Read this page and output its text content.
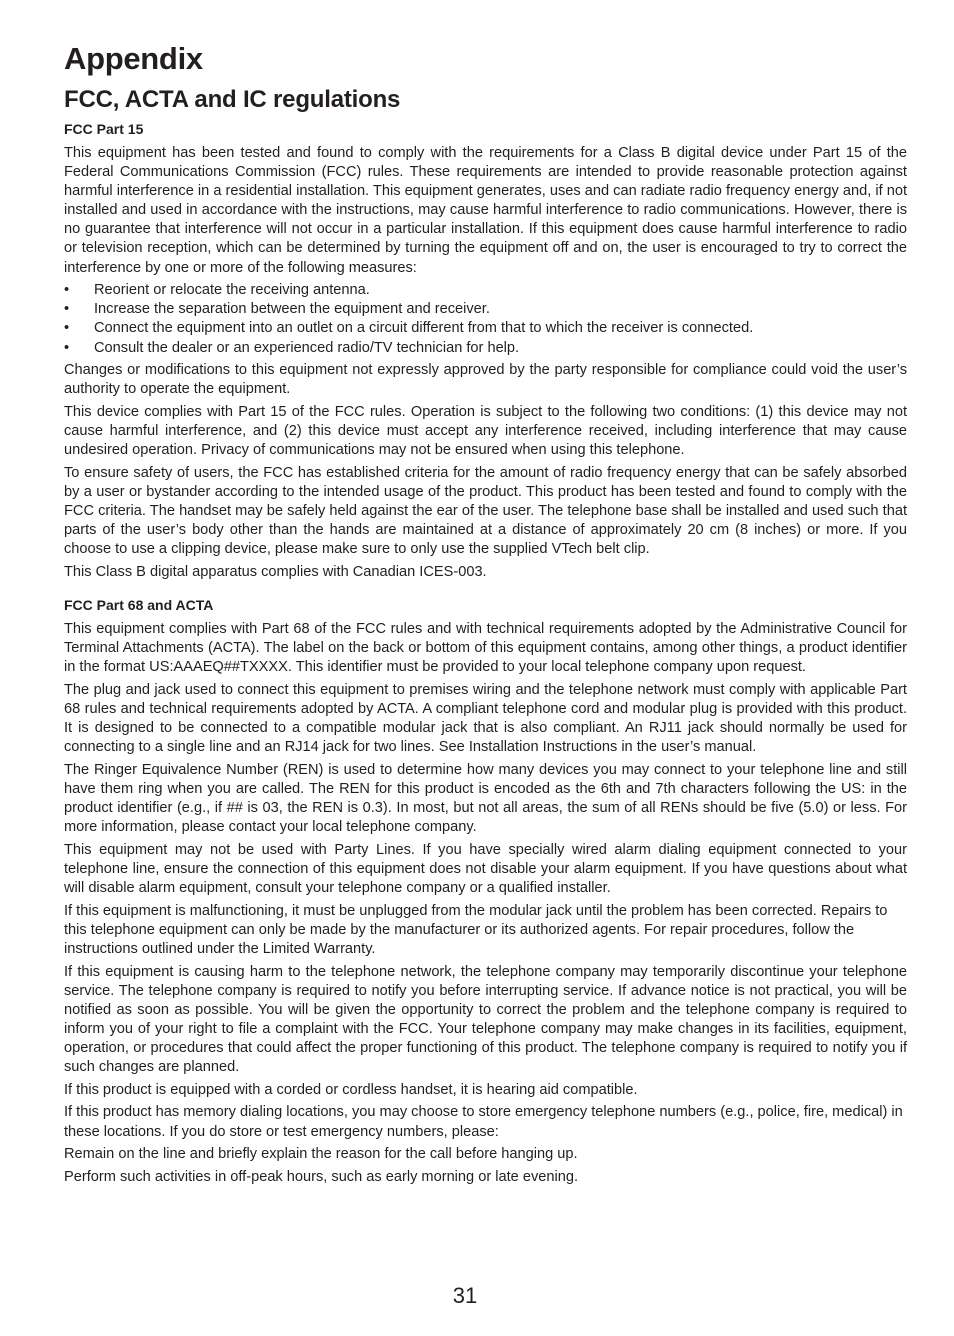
Appendix
FCC, ACTA and IC regulations
FCC Part 15

This equipment has been tested and found to comply with the requirements for a Class B digital device under Part 15 of the Federal Communications Commission (FCC) rules. These requirements are intended to provide reasonable protection against harmful interference in a residential installation. This equipment generates, uses and can radiate radio frequency energy and, if not installed and used in accordance with the instructions, may cause harmful interference to radio communications. However, there is no guarantee that interference will not occur in a particular installation. If this equipment does cause harmful interference to radio or television reception, which can be determined by turning the equipment off and on, the user is encouraged to try to correct the interference by one or more of the following measures:

• Reorient or relocate the receiving antenna.
• Increase the separation between the equipment and receiver.
• Connect the equipment into an outlet on a circuit different from that to which the receiver is connected.
• Consult the dealer or an experienced radio/TV technician for help.

Changes or modifications to this equipment not expressly approved by the party responsible for compliance could void the user’s authority to operate the equipment.

This device complies with Part 15 of the FCC rules. Operation is subject to the following two conditions: (1) this device may not cause harmful interference, and (2) this device must accept any interference received, including interference that may cause undesired operation. Privacy of communications may not be ensured when using this telephone.

To ensure safety of users, the FCC has established criteria for the amount of radio frequency energy that can be safely absorbed by a user or bystander according to the intended usage of the product. This product has been tested and found to comply with the FCC criteria. The handset may be safely held against the ear of the user. The telephone base shall be installed and used such that parts of the user’s body other than the hands are maintained at a distance of approximately 20 cm (8 inches) or more. If you choose to use a clipping device, please make sure to only use the supplied VTech belt clip.

This Class B digital apparatus complies with Canadian ICES-003.

FCC Part 68 and ACTA

This equipment complies with Part 68 of the FCC rules and with technical requirements adopted by the Administrative Council for Terminal Attachments (ACTA). The label on the back or bottom of this equipment contains, among other things, a product identifier in the format US:AAAEQ##TXXXX. This identifier must be provided to your local telephone company upon request.

The plug and jack used to connect this equipment to premises wiring and the telephone network must comply with applicable Part 68 rules and technical requirements adopted by ACTA. A compliant telephone cord and modular plug is provided with this product. It is designed to be connected to a compatible modular jack that is also compliant. An RJ11 jack should normally be used for connecting to a single line and an RJ14 jack for two lines. See Installation Instructions in the user’s manual.

The Ringer Equivalence Number (REN) is used to determine how many devices you may connect to your telephone line and still have them ring when you are called. The REN for this product is encoded as the 6th and 7th characters following the US: in the product identifier (e.g., if ## is 03, the REN is 0.3). In most, but not all areas, the sum of all RENs should be five (5.0) or less. For more information, please contact your local telephone company.

This equipment may not be used with Party Lines. If you have specially wired alarm dialing equipment connected to your telephone line, ensure the connection of this equipment does not disable your alarm equipment. If you have questions about what will disable alarm equipment, consult your telephone company or a qualified installer.

If this equipment is malfunctioning, it must be unplugged from the modular jack until the problem has been corrected. Repairs to this telephone equipment can only be made by the manufacturer or its authorized agents. For repair procedures, follow the instructions outlined under the Limited Warranty.

If this equipment is causing harm to the telephone network, the telephone company may temporarily discontinue your telephone service. The telephone company is required to notify you before interrupting service. If advance notice is not practical, you will be notified as soon as possible. You will be given the opportunity to correct the problem and the telephone company is required to inform you of your right to file a complaint with the FCC. Your telephone company may make changes in its facilities, equipment, operation, or procedures that could affect the proper functioning of this product. The telephone company is required to notify you if such changes are planned.

If this product is equipped with a corded or cordless handset, it is hearing aid compatible.

If this product has memory dialing locations, you may choose to store emergency telephone numbers (e.g., police, fire, medical) in these locations. If you do store or test emergency numbers, please:

Remain on the line and briefly explain the reason for the call before hanging up.

Perform such activities in off-peak hours, such as early morning or late evening.

31
